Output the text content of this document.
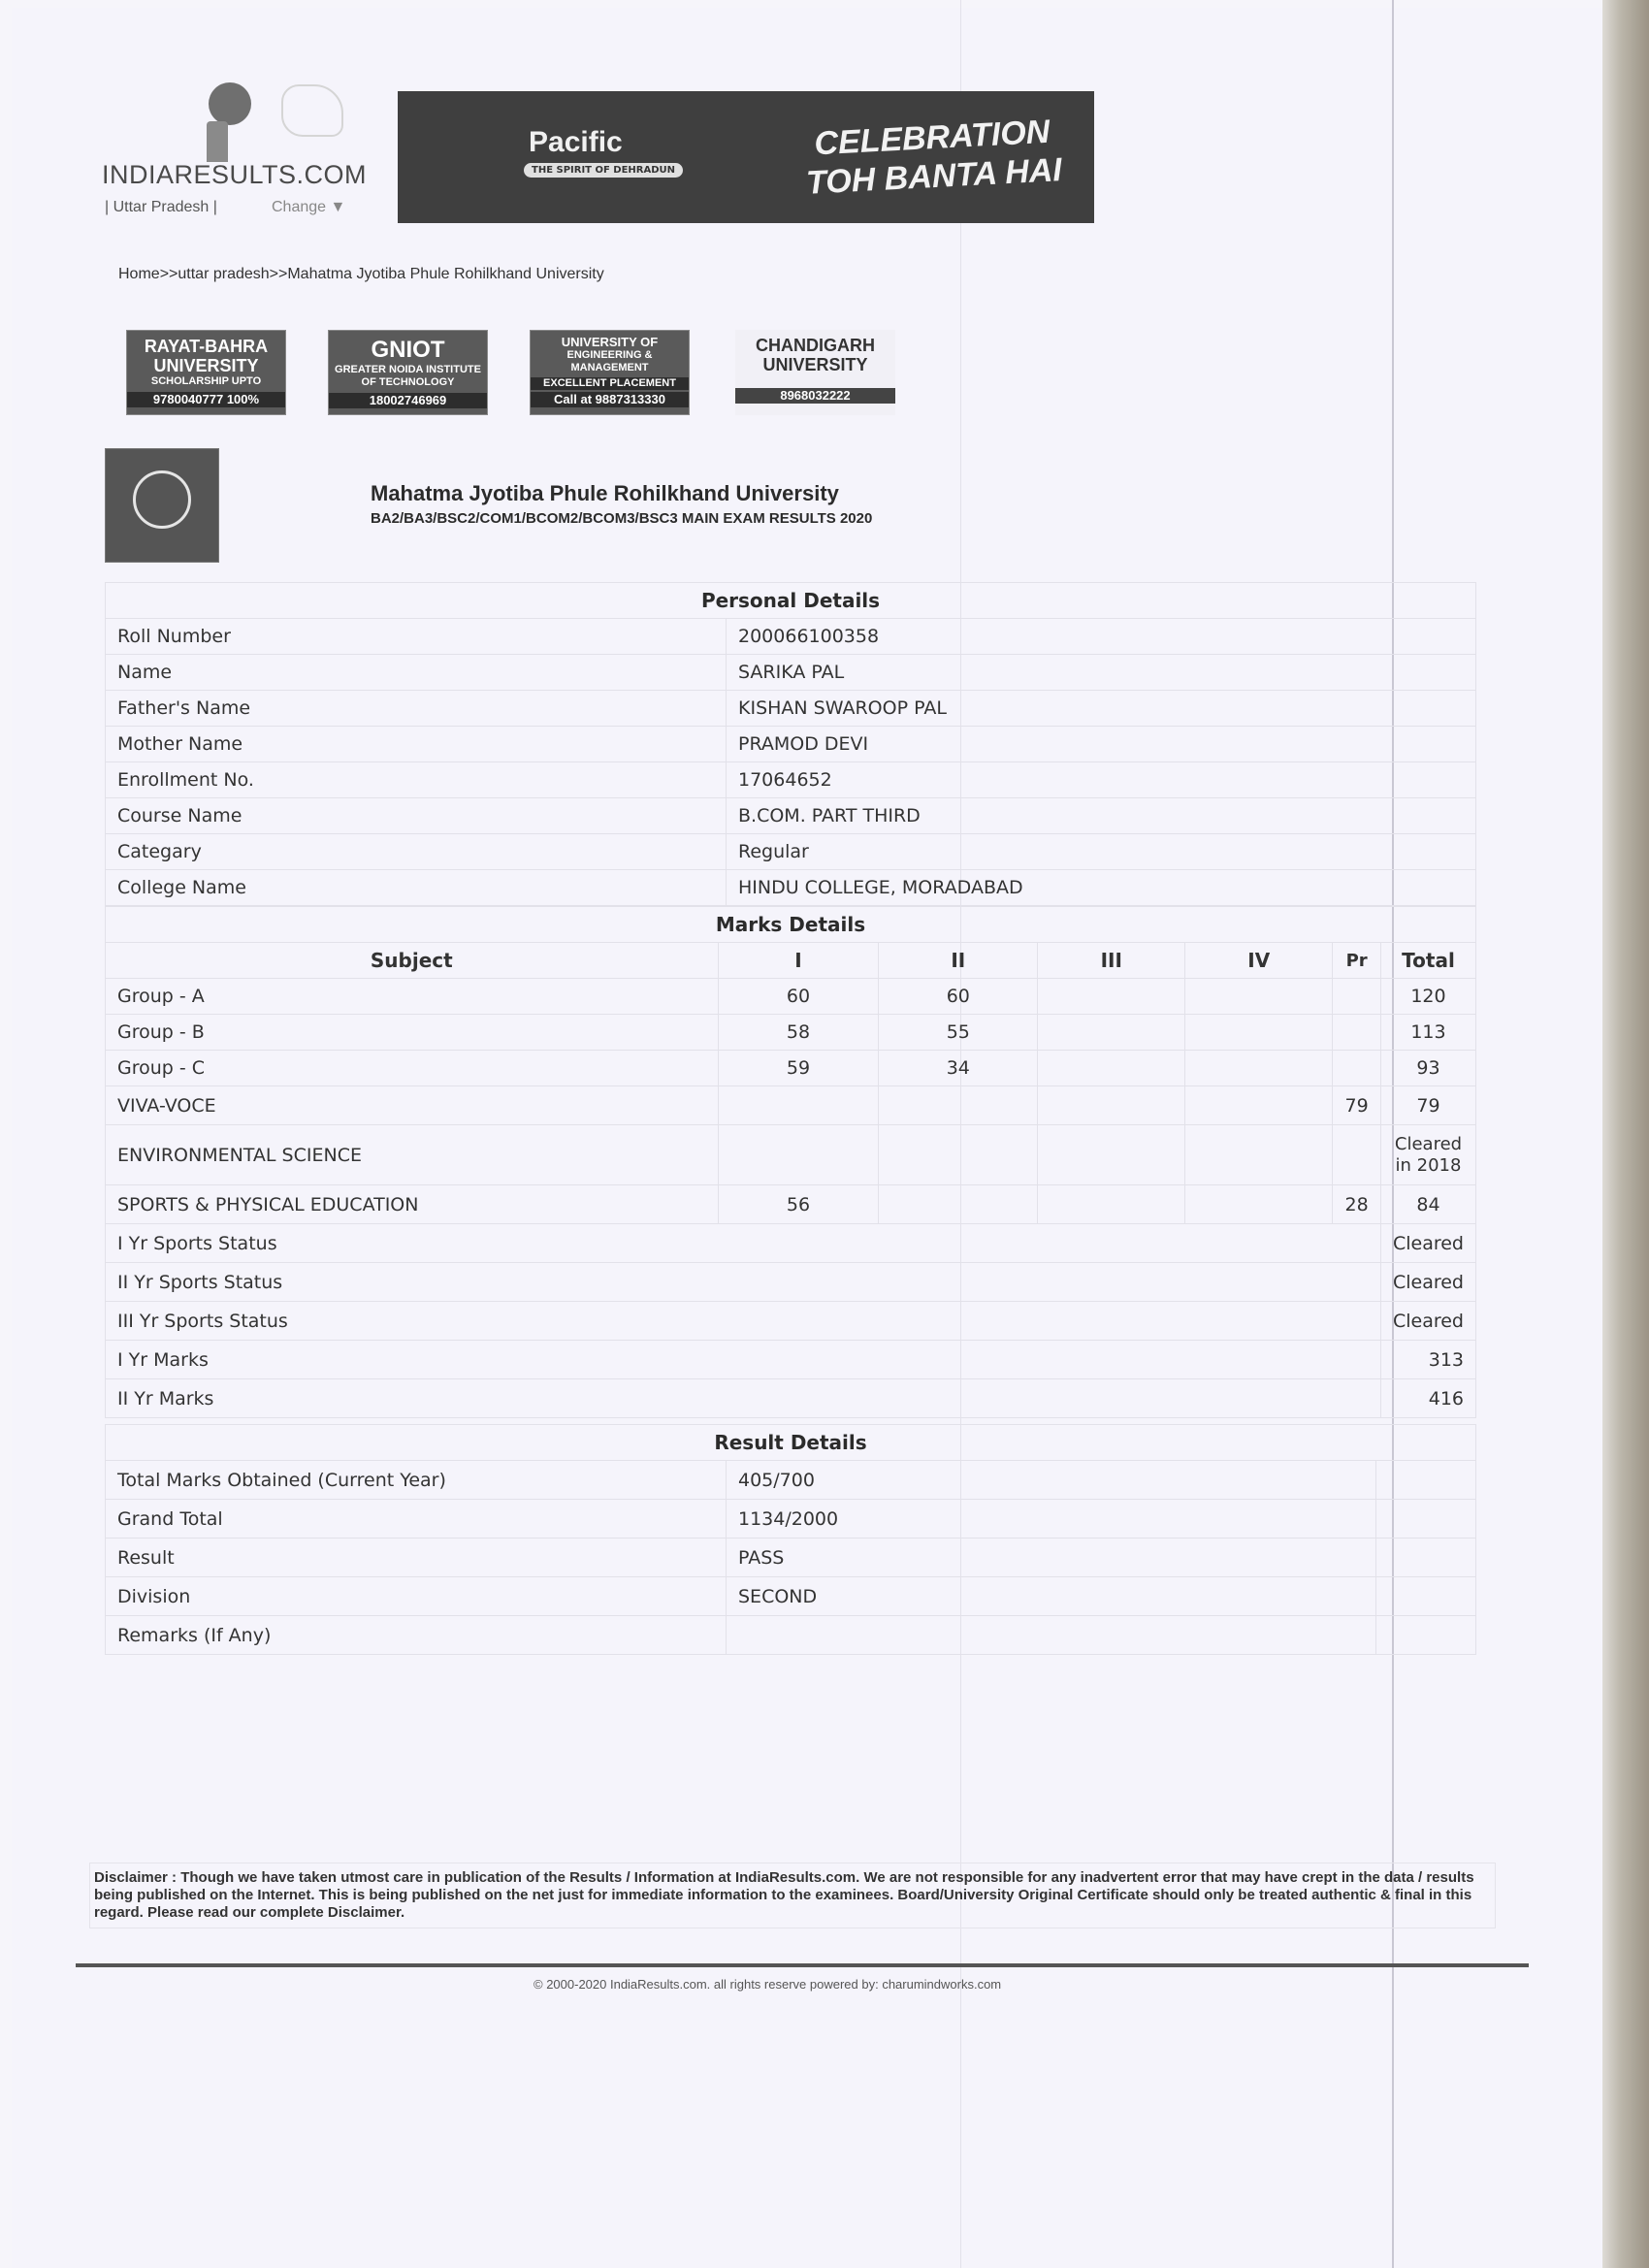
INDIARESULTS.COM
| Uttar Pradesh |	Change ▼
Pacific
THE SPIRIT OF DEHRADUN
CELEBRATION
TOH BANTA HAI
Home>>uttar pradesh>>Mahatma Jyotiba Phule Rohilkhand University
RAYAT-BAHRA
UNIVERSITY
SCHOLARSHIP UPTO
9780040777 100%
GNIOT
GREATER NOIDA INSTITUTE OF TECHNOLOGY
18002746969
UNIVERSITY OF
ENGINEERING & MANAGEMENT
EXCELLENT PLACEMENT
Call at 9887313330
CHANDIGARH
UNIVERSITY
8968032222
Mahatma Jyotiba Phule Rohilkhand University
BA2/BA3/BSC2/COM1/BCOM2/BCOM3/BSC3 MAIN EXAM RESULTS 2020
Personal Details	
Roll Number	200066100358
Name	SARIKA PAL
Father's Name	KISHAN SWAROOP PAL
Mother Name	PRAMOD DEVI
Enrollment No.	17064652
Course Name	B.COM. PART THIRD
Categary	Regular
College Name	HINDU COLLEGE, MORADABAD
Marks Details						
Subject	I	II	III	IV	Pr	Total
Group - A	60	60				120
Group - B	58	55				113
Group - C	59	34				93
VIVA-VOCE					79	79
ENVIRONMENTAL SCIENCE						Cleared in 2018
SPORTS & PHYSICAL EDUCATION	56				28	84
I Yr Sports Status						Cleared
II Yr Sports Status						Cleared
III Yr Sports Status						Cleared
I Yr Marks						313
II Yr Marks						416
Result Details		
Total Marks Obtained (Current Year)	405/700	
Grand Total	1134/2000	
Result	PASS	
Division	SECOND	
Remarks (If Any)		
Disclaimer : Though we have taken utmost care in publication of the Results / Information at IndiaResults.com. We are not responsible for any inadvertent error that may have crept in the data / results being published on the Internet. This is being published on the net just for immediate information to the examinees. Board/University Original Certificate should only be treated authentic & final in this regard. Please read our complete Disclaimer.
© 2000-2020 IndiaResults.com. all rights reserve powered by: charumindworks.com
